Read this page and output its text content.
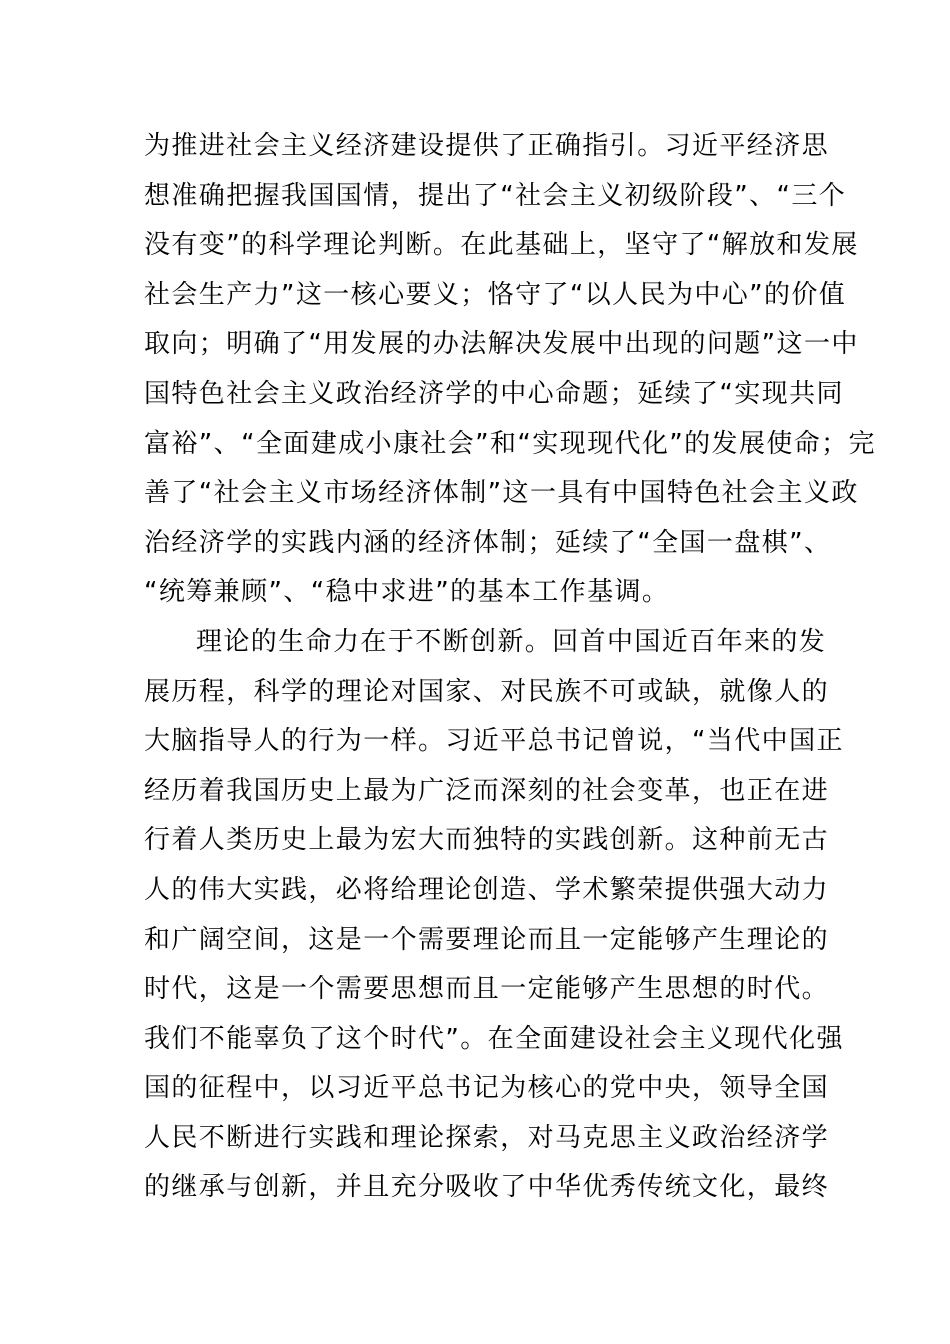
为推进社会主义经济建设提供了正确指引。习近平经济思
想准确把握我国国情，提出了“社会主义初级阶段”、“三个
没有变”的科学理论判断。在此基础上，坚守了“解放和发展
社会生产力”这一核心要义；恪守了“以人民为中心”的价值
取向；明确了“用发展的办法解决发展中出现的问题”这一中
国特色社会主义政治经济学的中心命题；延续了“实现共同
富裕”、“全面建成小康社会”和“实现现代化”的发展使命；完
善了“社会主义市场经济体制”这一具有中国特色社会主义政
治经济学的实践内涵的经济体制；延续了“全国一盘棋”、
“统筹兼顾”、“稳中求进”的基本工作基调。
理论的生命力在于不断创新。回首中国近百年来的发
展历程，科学的理论对国家、对民族不可或缺，就像人的
大脑指导人的行为一样。习近平总书记曾说，“当代中国正
经历着我国历史上最为广泛而深刻的社会变革，也正在进
行着人类历史上最为宏大而独特的实践创新。这种前无古
人的伟大实践，必将给理论创造、学术繁荣提供强大动力
和广阔空间，这是一个需要理论而且一定能够产生理论的
时代，这是一个需要思想而且一定能够产生思想的时代。
我们不能辜负了这个时代”。在全面建设社会主义现代化强
国的征程中，以习近平总书记为核心的党中央，领导全国
人民不断进行实践和理论探索，对马克思主义政治经济学
的继承与创新，并且充分吸收了中华优秀传统文化，最终
